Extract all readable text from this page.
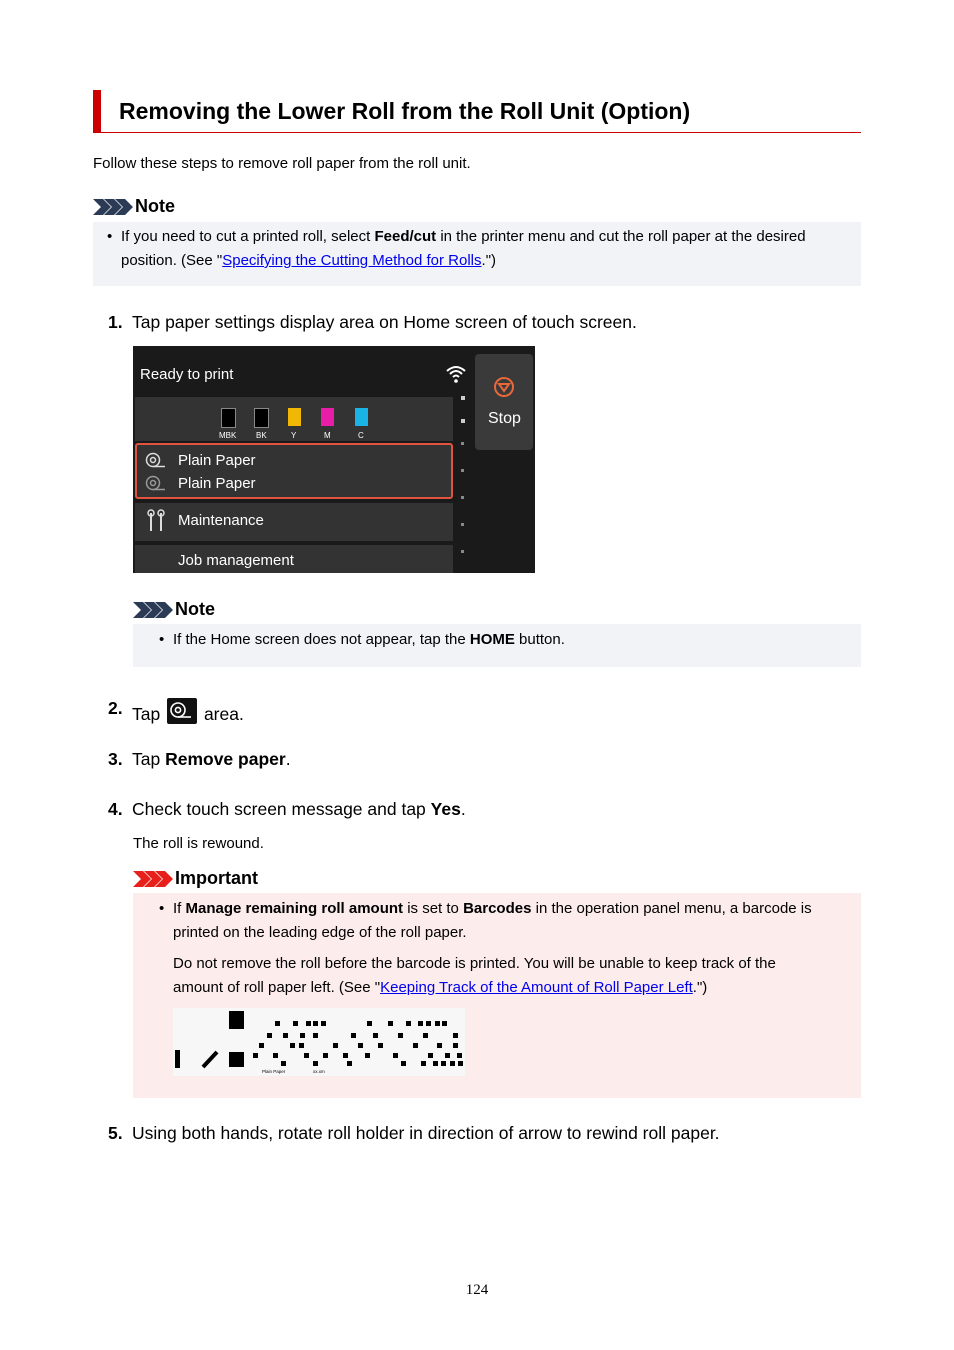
Removing the Lower Roll from the Roll Unit (Option)
Follow these steps to remove roll paper from the roll unit.
Note
• If you need to cut a printed roll, select Feed/cut in the printer menu and cut the roll paper at the desired
position. (See "Specifying the Cutting Method for Rolls.")
1. Tap paper settings display area on Home screen of touch screen.
Ready to print
Stop
MBK BK	Y	M	C
Plain Paper
Plain Paper
Maintenance
Job management
Note
• If the Home screen does not appear, tap the HOME button.
2. Tap  area.
3. Tap Remove paper.
4. Check touch screen message and tap Yes.
The roll is rewound.
Important
• If Manage remaining roll amount is set to Barcodes in the operation panel menu, a barcode is
printed on the leading edge of the roll paper.
Do not remove the roll before the barcode is printed. You will be unable to keep track of the
amount of roll paper left. (See "Keeping Track of the Amount of Roll Paper Left.")
Plain Paper	xx.xm
5. Using both hands, rotate roll holder in direction of arrow to rewind roll paper.
124
